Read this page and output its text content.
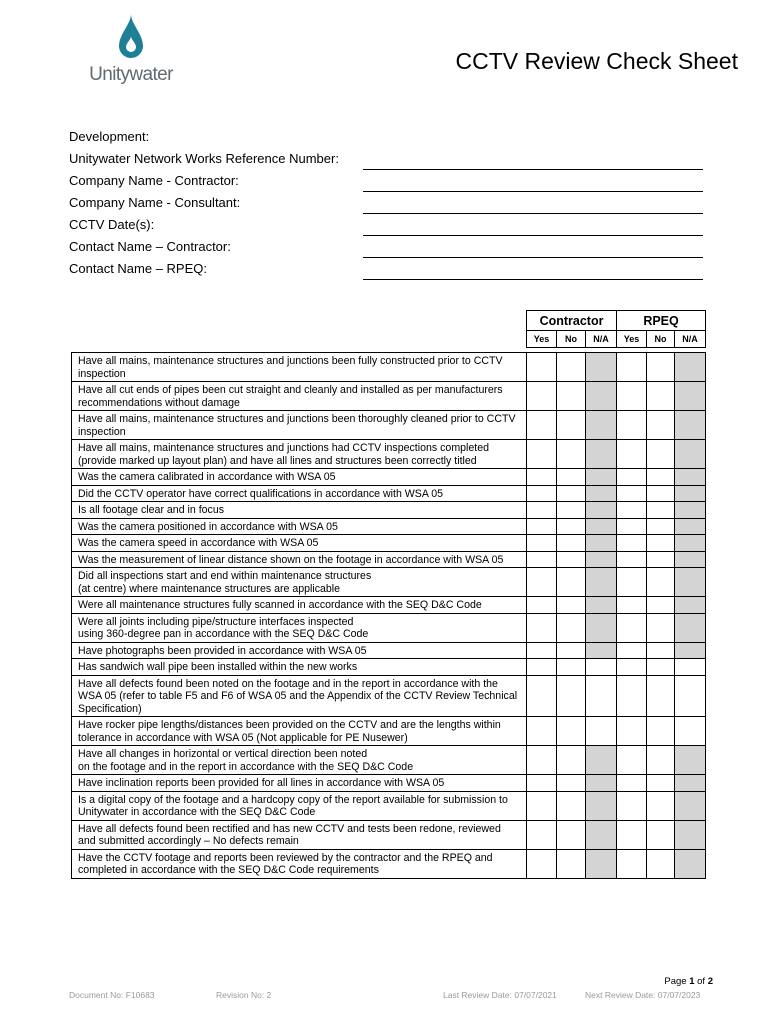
Unitywater
CCTV Review Check Sheet
Development:
Unitywater Network Works Reference Number:
Company Name - Contractor:
Company Name - Consultant:
CCTV Date(s):
Contact Name – Contractor:
Contact Name – RPEQ:
	Contractor			RPEQ		
	Yes	No	N/A	Yes	No	N/A

Have all mains, maintenance structures and junctions been fully constructed prior to CCTV inspection						
Have all cut ends of pipes been cut straight and cleanly and installed as per manufacturers recommendations without damage						
Have all mains, maintenance structures and junctions been thoroughly cleaned prior to CCTV inspection						
Have all mains, maintenance structures and junctions had CCTV inspections completed (provide marked up layout plan) and have all lines and structures been correctly titled						
Was the camera calibrated in accordance with WSA 05						
Did the CCTV operator have correct qualifications in accordance with WSA 05						
Is all footage clear and in focus						
Was the camera positioned in accordance with WSA 05						
Was the camera speed in accordance with WSA 05						
Was the measurement of linear distance shown on the footage in accordance with WSA 05						
Did all inspections start and end within maintenance structures
(at centre) where maintenance structures are applicable						
Were all maintenance structures fully scanned in accordance with the SEQ D&C Code						
Were all joints including pipe/structure interfaces inspected
using 360-degree pan in accordance with the SEQ D&C Code						
Have photographs been provided in accordance with WSA 05						
Has sandwich wall pipe been installed within the new works						
Have all defects found been noted on the footage and in the report in accordance with the WSA 05 (refer to table F5 and F6 of WSA 05 and the Appendix of the CCTV Review Technical Specification)						
Have rocker pipe lengths/distances been provided on the CCTV and are the lengths within tolerance in accordance with WSA 05 (Not applicable for PE Nusewer)						
Have all changes in horizontal or vertical direction been noted
on the footage and in the report in accordance with the SEQ D&C Code						
Have inclination reports been provided for all lines in accordance with WSA 05						
Is a digital copy of the footage and a hardcopy copy of the report available for submission to Unitywater in accordance with the SEQ D&C Code						
Have all defects found been rectified and has new CCTV and tests been redone, reviewed and submitted accordingly – No defects remain						
Have the CCTV footage and reports been reviewed by the contractor and the RPEQ and completed in accordance with the SEQ D&C Code requirements						
Page 1 of 2
Document No: F10683	Revision No: 2	Last Review Date: 07/07/2021	Next Review Date: 07/07/2023
